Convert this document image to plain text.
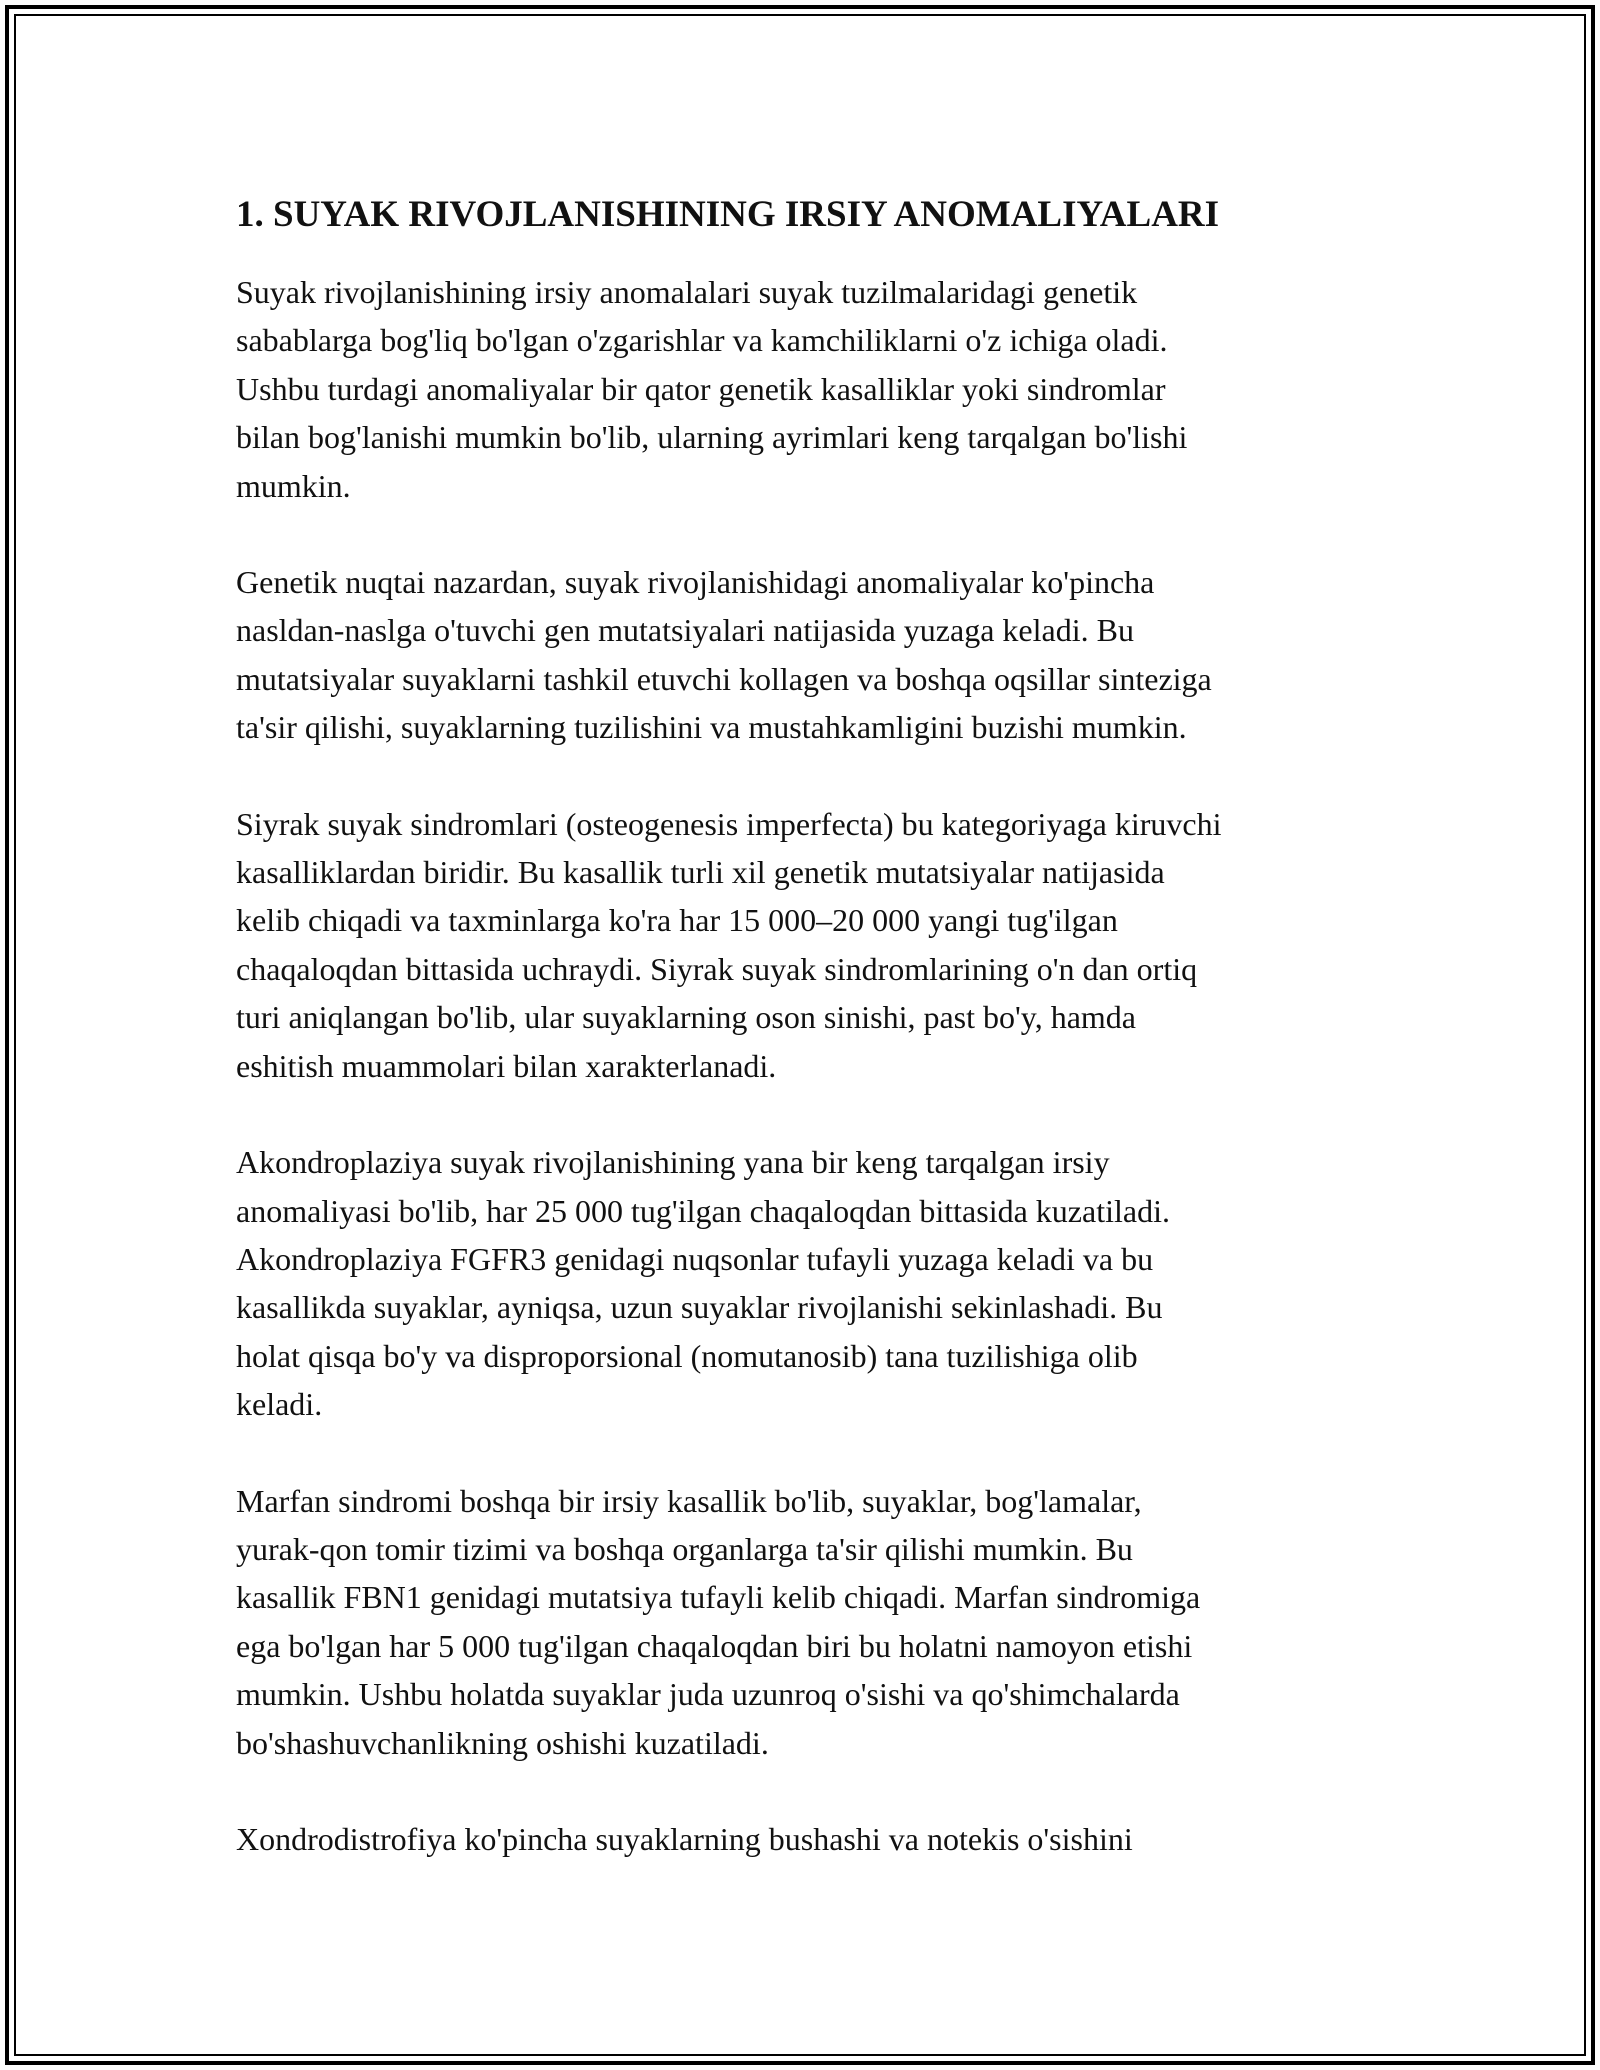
1. SUYAK RIVOJLANISHINING IRSIY ANOMALIYALARI

Suyak rivojlanishining irsiy anomalalari suyak tuzilmalaridagi genetik
sabablarga bog'liq bo'lgan o'zgarishlar va kamchiliklarni o'z ichiga oladi.
Ushbu turdagi anomaliyalar bir qator genetik kasalliklar yoki sindromlar
bilan bog'lanishi mumkin bo'lib, ularning ayrimlari keng tarqalgan bo'lishi
mumkin.

Genetik nuqtai nazardan, suyak rivojlanishidagi anomaliyalar ko'pincha
nasldan-naslga o'tuvchi gen mutatsiyalari natijasida yuzaga keladi. Bu
mutatsiyalar suyaklarni tashkil etuvchi kollagen va boshqa oqsillar sinteziga
ta'sir qilishi, suyaklarning tuzilishini va mustahkamligini buzishi mumkin.

Siyrak suyak sindromlari (osteogenesis imperfecta) bu kategoriyaga kiruvchi
kasalliklardan biridir. Bu kasallik turli xil genetik mutatsiyalar natijasida
kelib chiqadi va taxminlarga ko'ra har 15 000–20 000 yangi tug'ilgan
chaqaloqdan bittasida uchraydi. Siyrak suyak sindromlarining o'n dan ortiq
turi aniqlangan bo'lib, ular suyaklarning oson sinishi, past bo'y, hamda
eshitish muammolari bilan xarakterlanadi.

Akondroplaziya suyak rivojlanishining yana bir keng tarqalgan irsiy
anomaliyasi bo'lib, har 25 000 tug'ilgan chaqaloqdan bittasida kuzatiladi.
Akondroplaziya FGFR3 genidagi nuqsonlar tufayli yuzaga keladi va bu
kasallikda suyaklar, ayniqsa, uzun suyaklar rivojlanishi sekinlashadi. Bu
holat qisqa bo'y va disproporsional (nomutanosib) tana tuzilishiga olib
keladi.

Marfan sindromi boshqa bir irsiy kasallik bo'lib, suyaklar, bog'lamalar,
yurak-qon tomir tizimi va boshqa organlarga ta'sir qilishi mumkin. Bu
kasallik FBN1 genidagi mutatsiya tufayli kelib chiqadi. Marfan sindromiga
ega bo'lgan har 5 000 tug'ilgan chaqaloqdan biri bu holatni namoyon etishi
mumkin. Ushbu holatda suyaklar juda uzunroq o'sishi va qo'shimchalarda
bo'shashuvchanlikning oshishi kuzatiladi.

Xondrodistrofiya ko'pincha suyaklarning bushashi va notekis o'sishini
